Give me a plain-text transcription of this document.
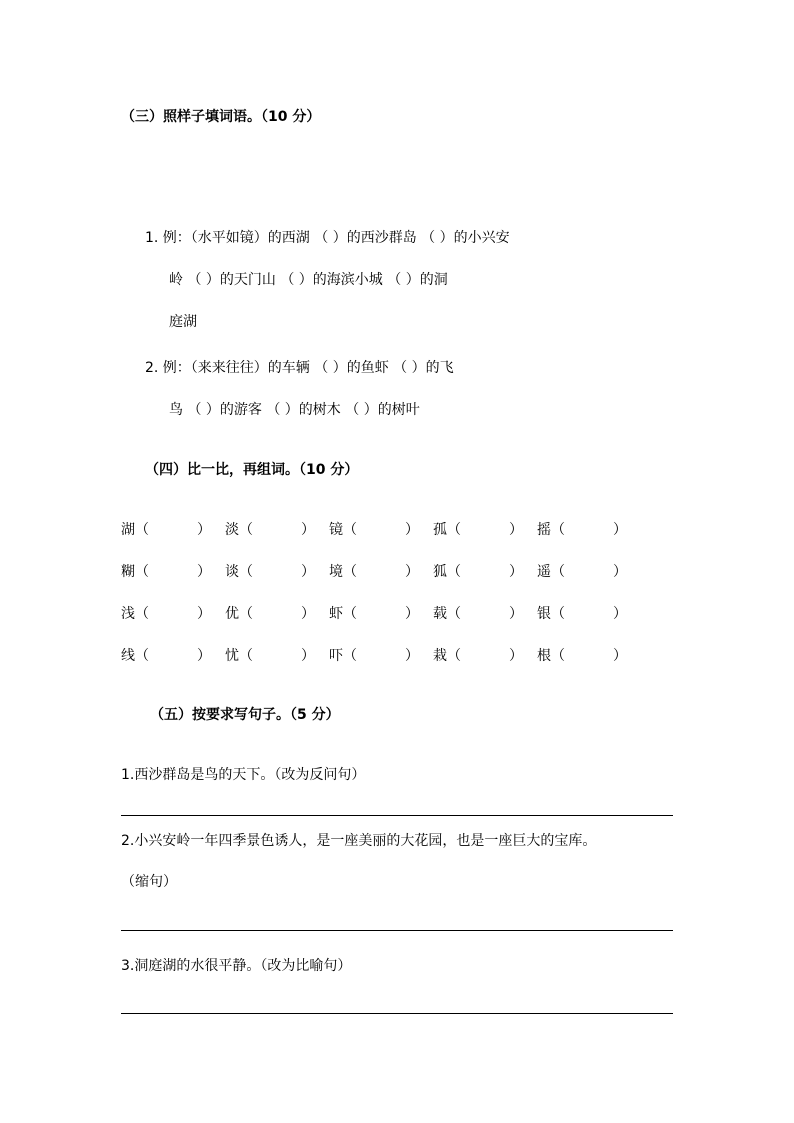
（三）照样子填词语。（10 分）
1. 例：（水平如镜）的西湖 （ ）的西沙群岛 （ ）的小兴安
岭 （ ）的天门山 （ ）的海滨小城 （ ）的洞
庭湖
2. 例：（来来往往）的车辆 （ ）的鱼虾 （ ）的飞
鸟 （ ）的游客 （ ）的树木 （ ）的树叶
（四）比一比，再组词。（10 分）
湖 （	） 淡 （	） 镜 （	） 孤 （	） 摇 （	）
糊 （	） 谈 （	） 境 （	） 狐 （	） 遥 （	）
浅 （	） 优 （	） 虾 （	） 载 （	） 银 （	）
线 （	） 忧 （	） 吓 （	） 栽 （	） 根 （	）
（五）按要求写句子。（5 分）
1.西沙群岛是鸟的天下。（改为反问句）
2.小兴安岭一年四季景色诱人，是一座美丽的大花园，也是一座巨大的宝库。
（缩句）
3.洞庭湖的水很平静。（改为比喻句）
